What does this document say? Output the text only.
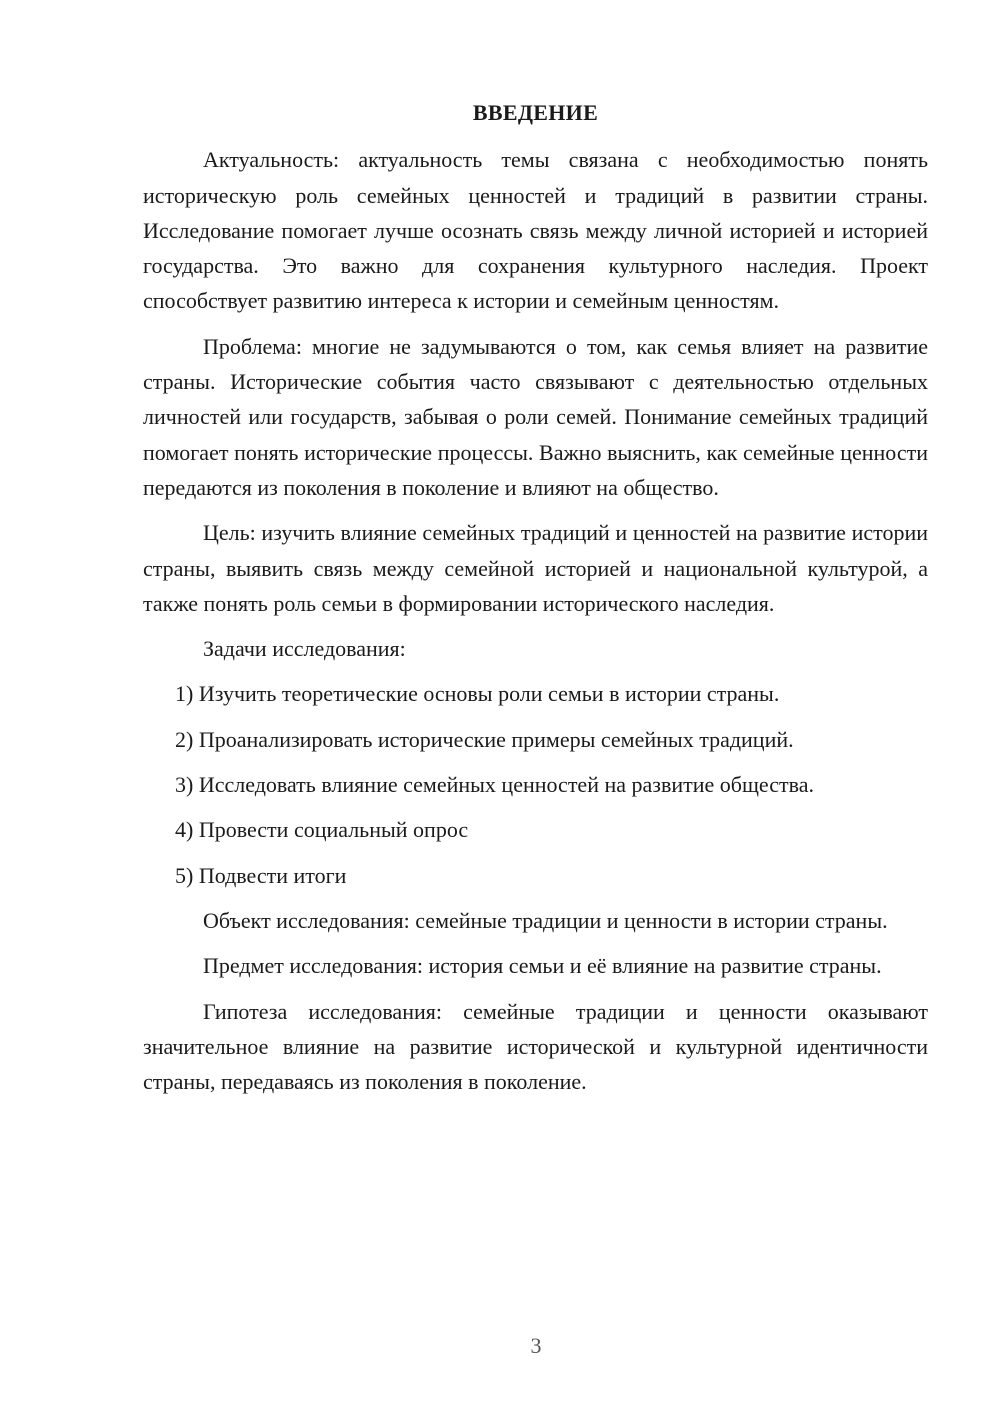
ВВЕДЕНИЕ

Актуальность: актуальность темы связана с необходимостью понять историческую роль семейных ценностей и традиций в развитии страны. Исследование помогает лучше осознать связь между личной историей и историей государства. Это важно для сохранения культурного наследия. Проект способствует развитию интереса к истории и семейным ценностям.

Проблема: многие не задумываются о том, как семья влияет на развитие страны. Исторические события часто связывают с деятельностью отдельных личностей или государств, забывая о роли семей. Понимание семейных традиций помогает понять исторические процессы. Важно выяснить, как семейные ценности передаются из поколения в поколение и влияют на общество.

Цель: изучить влияние семейных традиций и ценностей на развитие истории страны, выявить связь между семейной историей и национальной культурой, а также понять роль семьи в формировании исторического наследия.

Задачи исследования:

1) Изучить теоретические основы роли семьи в истории страны.

2) Проанализировать исторические примеры семейных традиций.

3) Исследовать влияние семейных ценностей на развитие общества.

4) Провести социальный опрос

5) Подвести итоги

Объект исследования: семейные традиции и ценности в истории страны.

Предмет исследования: история семьи и её влияние на развитие страны.

Гипотеза исследования: семейные традиции и ценности оказывают значительное влияние на развитие исторической и культурной идентичности страны, передаваясь из поколения в поколение.

3
